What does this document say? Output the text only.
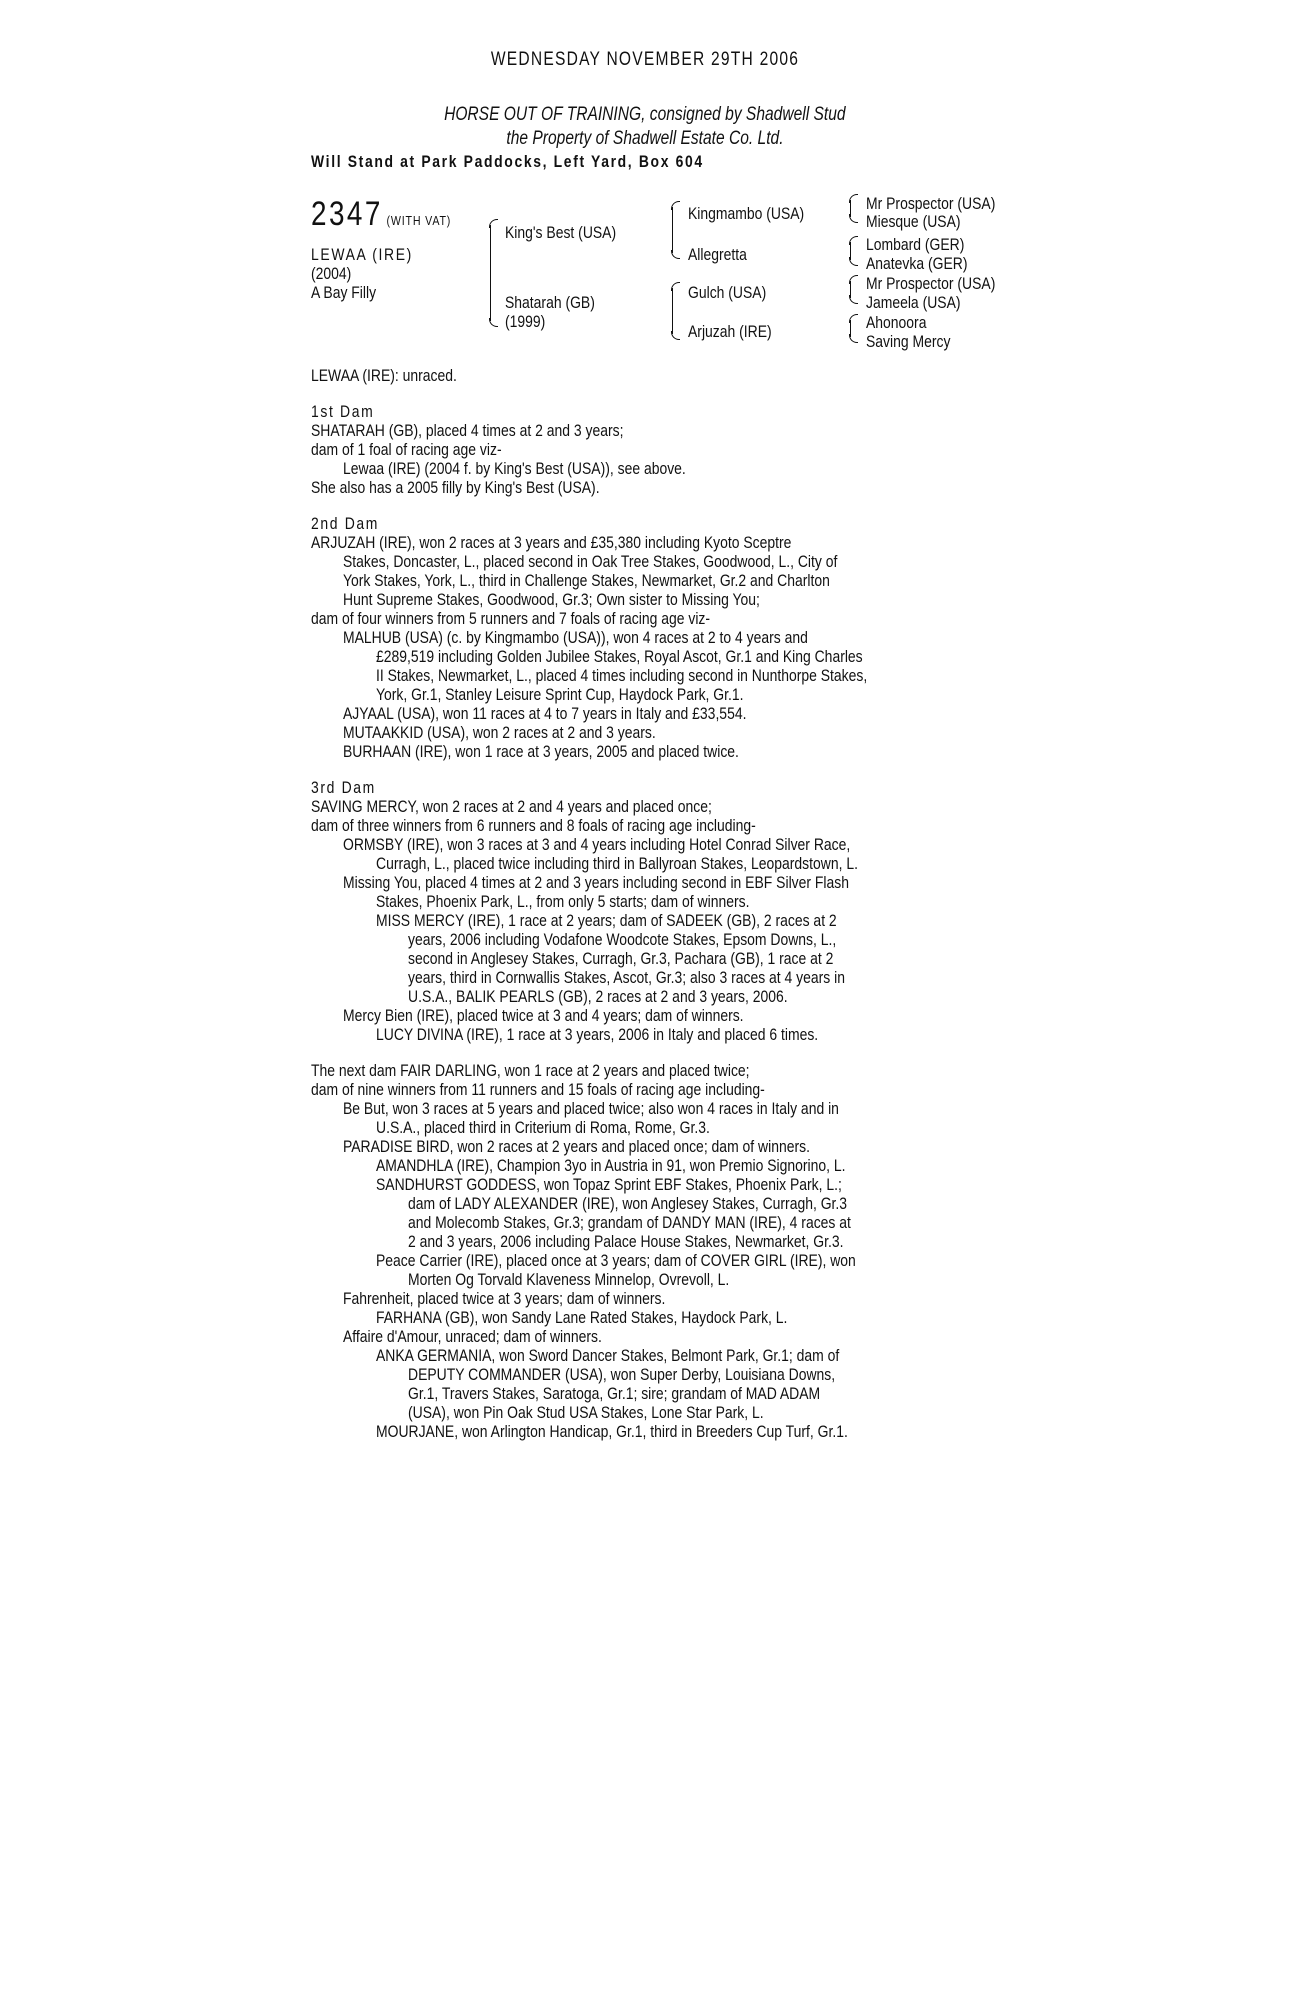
WEDNESDAY NOVEMBER 29TH 2006
HORSE OUT OF TRAINING, consigned by Shadwell Stud
the Property of Shadwell Estate Co. Ltd.
Will Stand at Park Paddocks, Left Yard, Box 604
2347 (WITH VAT)
LEWAA (IRE)
(2004)
A Bay Filly
King's Best (USA)
Shatarah (GB)
(1999)
Kingmambo (USA)
Allegretta
Gulch (USA)
Arjuzah (IRE)
Mr Prospector (USA)
Miesque (USA)
Lombard (GER)
Anatevka (GER)
Mr Prospector (USA)
Jameela (USA)
Ahonoora
Saving Mercy
LEWAA (IRE): unraced.
1st Dam
SHATARAH (GB), placed 4 times at 2 and 3 years;
dam of 1 foal of racing age viz-
Lewaa (IRE) (2004 f. by King's Best (USA)), see above.
She also has a 2005 filly by King's Best (USA).
2nd Dam
ARJUZAH (IRE), won 2 races at 3 years and £35,380 including Kyoto Sceptre
Stakes, Doncaster, L., placed second in Oak Tree Stakes, Goodwood, L., City of
York Stakes, York, L., third in Challenge Stakes, Newmarket, Gr.2 and Charlton
Hunt Supreme Stakes, Goodwood, Gr.3; Own sister to Missing You;
dam of four winners from 5 runners and 7 foals of racing age viz-
MALHUB (USA) (c. by Kingmambo (USA)), won 4 races at 2 to 4 years and
£289,519 including Golden Jubilee Stakes, Royal Ascot, Gr.1 and King Charles
II Stakes, Newmarket, L., placed 4 times including second in Nunthorpe Stakes,
York, Gr.1, Stanley Leisure Sprint Cup, Haydock Park, Gr.1.
AJYAAL (USA), won 11 races at 4 to 7 years in Italy and £33,554.
MUTAAKKID (USA), won 2 races at 2 and 3 years.
BURHAAN (IRE), won 1 race at 3 years, 2005 and placed twice.
3rd Dam
SAVING MERCY, won 2 races at 2 and 4 years and placed once;
dam of three winners from 6 runners and 8 foals of racing age including-
ORMSBY (IRE), won 3 races at 3 and 4 years including Hotel Conrad Silver Race,
Curragh, L., placed twice including third in Ballyroan Stakes, Leopardstown, L.
Missing You, placed 4 times at 2 and 3 years including second in EBF Silver Flash
Stakes, Phoenix Park, L., from only 5 starts; dam of winners.
MISS MERCY (IRE), 1 race at 2 years; dam of SADEEK (GB), 2 races at 2
years, 2006 including Vodafone Woodcote Stakes, Epsom Downs, L.,
second in Anglesey Stakes, Curragh, Gr.3, Pachara (GB), 1 race at 2
years, third in Cornwallis Stakes, Ascot, Gr.3; also 3 races at 4 years in
U.S.A., BALIK PEARLS (GB), 2 races at 2 and 3 years, 2006.
Mercy Bien (IRE), placed twice at 3 and 4 years; dam of winners.
LUCY DIVINA (IRE), 1 race at 3 years, 2006 in Italy and placed 6 times.
The next dam FAIR DARLING, won 1 race at 2 years and placed twice;
dam of nine winners from 11 runners and 15 foals of racing age including-
Be But, won 3 races at 5 years and placed twice; also won 4 races in Italy and in
U.S.A., placed third in Criterium di Roma, Rome, Gr.3.
PARADISE BIRD, won 2 races at 2 years and placed once; dam of winners.
AMANDHLA (IRE), Champion 3yo in Austria in 91, won Premio Signorino, L.
SANDHURST GODDESS, won Topaz Sprint EBF Stakes, Phoenix Park, L.;
dam of LADY ALEXANDER (IRE), won Anglesey Stakes, Curragh, Gr.3
and Molecomb Stakes, Gr.3; grandam of DANDY MAN (IRE), 4 races at
2 and 3 years, 2006 including Palace House Stakes, Newmarket, Gr.3.
Peace Carrier (IRE), placed once at 3 years; dam of COVER GIRL (IRE), won
Morten Og Torvald Klaveness Minnelop, Ovrevoll, L.
Fahrenheit, placed twice at 3 years; dam of winners.
FARHANA (GB), won Sandy Lane Rated Stakes, Haydock Park, L.
Affaire d'Amour, unraced; dam of winners.
ANKA GERMANIA, won Sword Dancer Stakes, Belmont Park, Gr.1; dam of
DEPUTY COMMANDER (USA), won Super Derby, Louisiana Downs,
Gr.1, Travers Stakes, Saratoga, Gr.1; sire; grandam of MAD ADAM
(USA), won Pin Oak Stud USA Stakes, Lone Star Park, L.
MOURJANE, won Arlington Handicap, Gr.1, third in Breeders Cup Turf, Gr.1.
